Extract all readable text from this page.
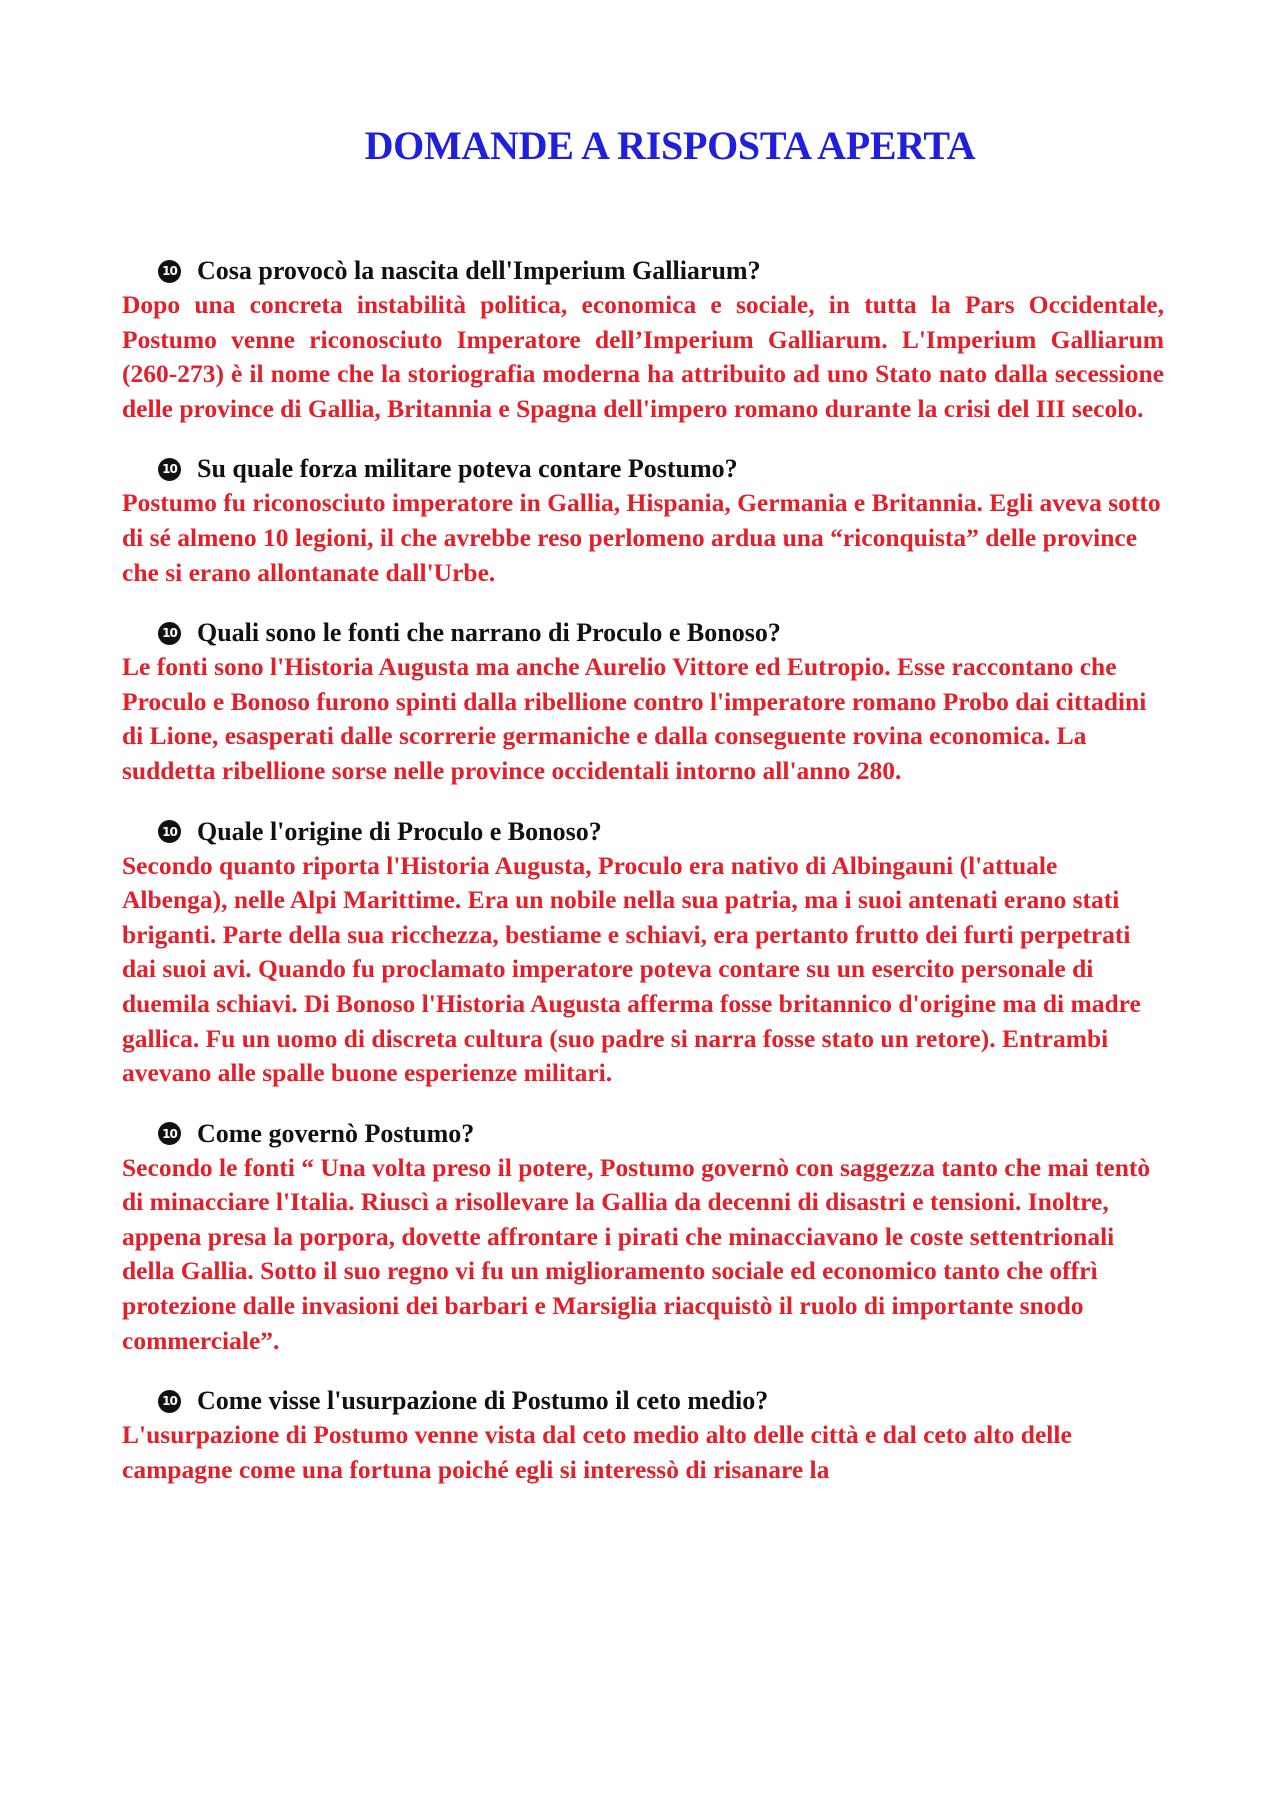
DOMANDE A RISPOSTA APERTA

10 Cosa provocò la nascita dell'Imperium Galliarum?

Dopo una concreta instabilità politica, economica e sociale, in tutta la Pars Occidentale, Postumo venne riconosciuto Imperatore dell’Imperium Galliarum. L'Imperium Galliarum (260-273) è il nome che la storiografia moderna ha attribuito ad uno Stato nato dalla secessione delle province di Gallia, Britannia e Spagna dell'impero romano durante la crisi del III secolo.

10 Su quale forza militare poteva contare Postumo?

Postumo fu riconosciuto imperatore in Gallia, Hispania, Germania e Britannia. Egli aveva sotto di sé almeno 10 legioni, il che avrebbe reso perlomeno ardua una “riconquista” delle province che si erano allontanate dall'Urbe.

10 Quali sono le fonti che narrano di Proculo e Bonoso?

Le fonti sono l'Historia Augusta ma anche Aurelio Vittore ed Eutropio. Esse raccontano che Proculo e Bonoso furono spinti dalla ribellione contro l'imperatore romano Probo dai cittadini di Lione, esasperati dalle scorrerie germaniche e dalla conseguente rovina economica. La suddetta ribellione sorse nelle province occidentali intorno all'anno 280.

10 Quale l'origine di Proculo e Bonoso?

Secondo quanto riporta l'Historia Augusta, Proculo era nativo di Albingauni (l'attuale Albenga), nelle Alpi Marittime. Era un nobile nella sua patria, ma i suoi antenati erano stati briganti. Parte della sua ricchezza, bestiame e schiavi, era pertanto frutto dei furti perpetrati dai suoi avi. Quando fu proclamato imperatore poteva contare su un esercito personale di duemila schiavi. Di Bonoso l'Historia Augusta afferma fosse britannico d'origine ma di madre gallica. Fu un uomo di discreta cultura (suo padre si narra fosse stato un retore). Entrambi avevano alle spalle buone esperienze militari.

10 Come governò Postumo?

Secondo le fonti “ Una volta preso il potere, Postumo governò con saggezza tanto che mai tentò di minacciare l'Italia. Riuscì a risollevare la Gallia da decenni di disastri e tensioni. Inoltre, appena presa la porpora, dovette affrontare i pirati che minacciavano le coste settentrionali della Gallia. Sotto il suo regno vi fu un miglioramento sociale ed economico tanto che offrì protezione dalle invasioni dei barbari e Marsiglia riacquistò il ruolo di importante snodo commerciale”.

10 Come visse l'usurpazione di Postumo il ceto medio?

L'usurpazione di Postumo venne vista dal ceto medio alto delle città e dal ceto alto delle campagne come una fortuna poiché egli si interessò di risanare la
